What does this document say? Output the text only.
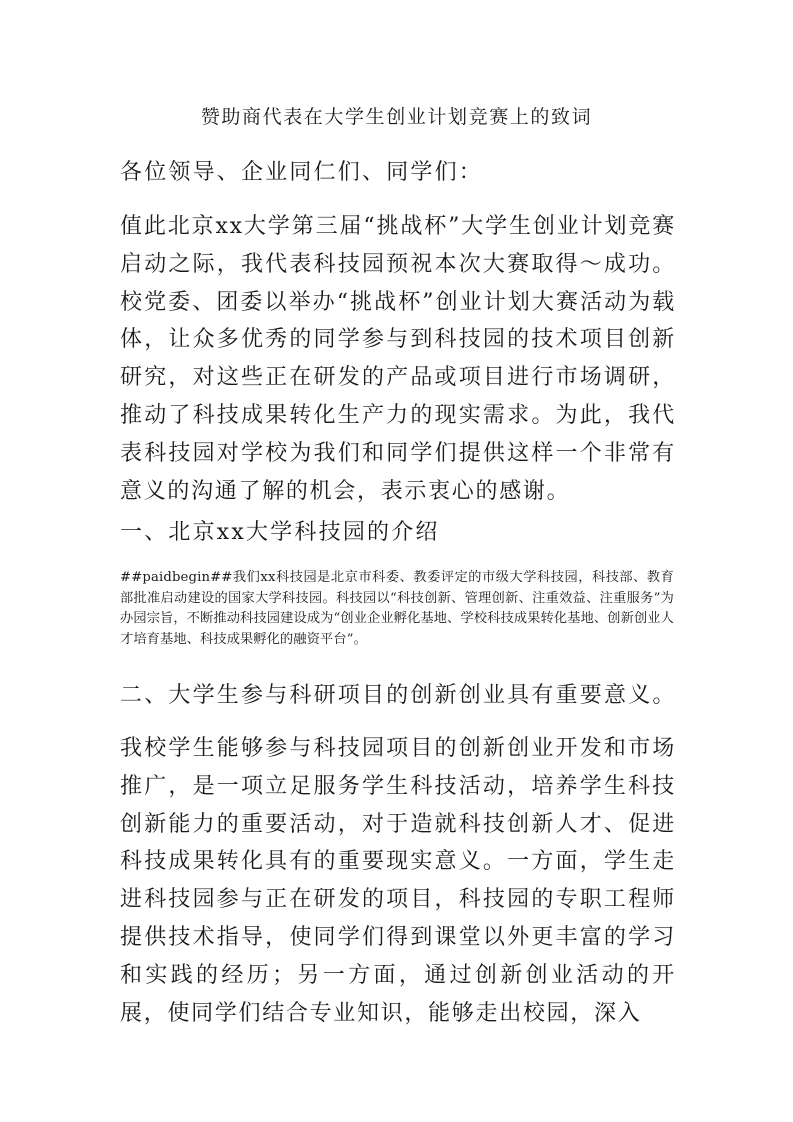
赞助商代表在大学生创业计划竞赛上的致词
各位领导、企业同仁们、同学们：
值此北京xx大学第三届“挑战杯”大学生创业计划竞赛启动之际，我代表科技园预祝本次大赛取得～成功。校党委、团委以举办“挑战杯”创业计划大赛活动为载体，让众多优秀的同学参与到科技园的技术项目创新研究，对这些正在研发的产品或项目进行市场调研，推动了科技成果转化生产力的现实需求。为此，我代表科技园对学校为我们和同学们提供这样一个非常有意义的沟通了解的机会，表示衷心的感谢。
一、北京xx大学科技园的介绍
##paidbegin##我们xx科技园是北京市科委、教委评定的市级大学科技园，科技部、教育部批准启动建设的国家大学科技园。科技园以“科技创新、管理创新、注重效益、注重服务”为办园宗旨，不断推动科技园建设成为“创业企业孵化基地、学校科技成果转化基地、创新创业人才培育基地、科技成果孵化的融资平台”。
二、大学生参与科研项目的创新创业具有重要意义。
我校学生能够参与科技园项目的创新创业开发和市场推广，是一项立足服务学生科技活动，培养学生科技创新能力的重要活动，对于造就科技创新人才、促进科技成果转化具有的重要现实意义。一方面，学生走进科技园参与正在研发的项目，科技园的专职工程师提供技术指导，使同学们得到课堂以外更丰富的学习和实践的经历；另一方面，通过创新创业活动的开展，使同学们结合专业知识，能够走出校园，深入
